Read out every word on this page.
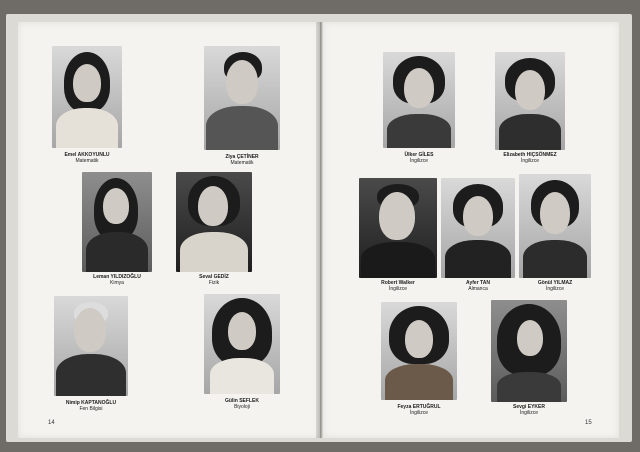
Emel AKKOYUNLU
Matematik
Ziya ÇETİNER
Matematik
Leman YILDIZOĞLU
Kimya
Seval GEDİZ
Fizik
Nimip KAPTANOĞLU
Fen Bilgisi
Gülin SEFLEK
Biyoloji
14
Ülker GİLES
İngilizce
Elizabeth HIÇSÖNMEZ
İngilizce
Robert Walker
İngilizce
Ayfer TAN
Almanca
Gönül YILMAZ
İngilizce
Feyza ERTUĞRUL
İngilizce
Sevgi EYKER
İngilizce
15
